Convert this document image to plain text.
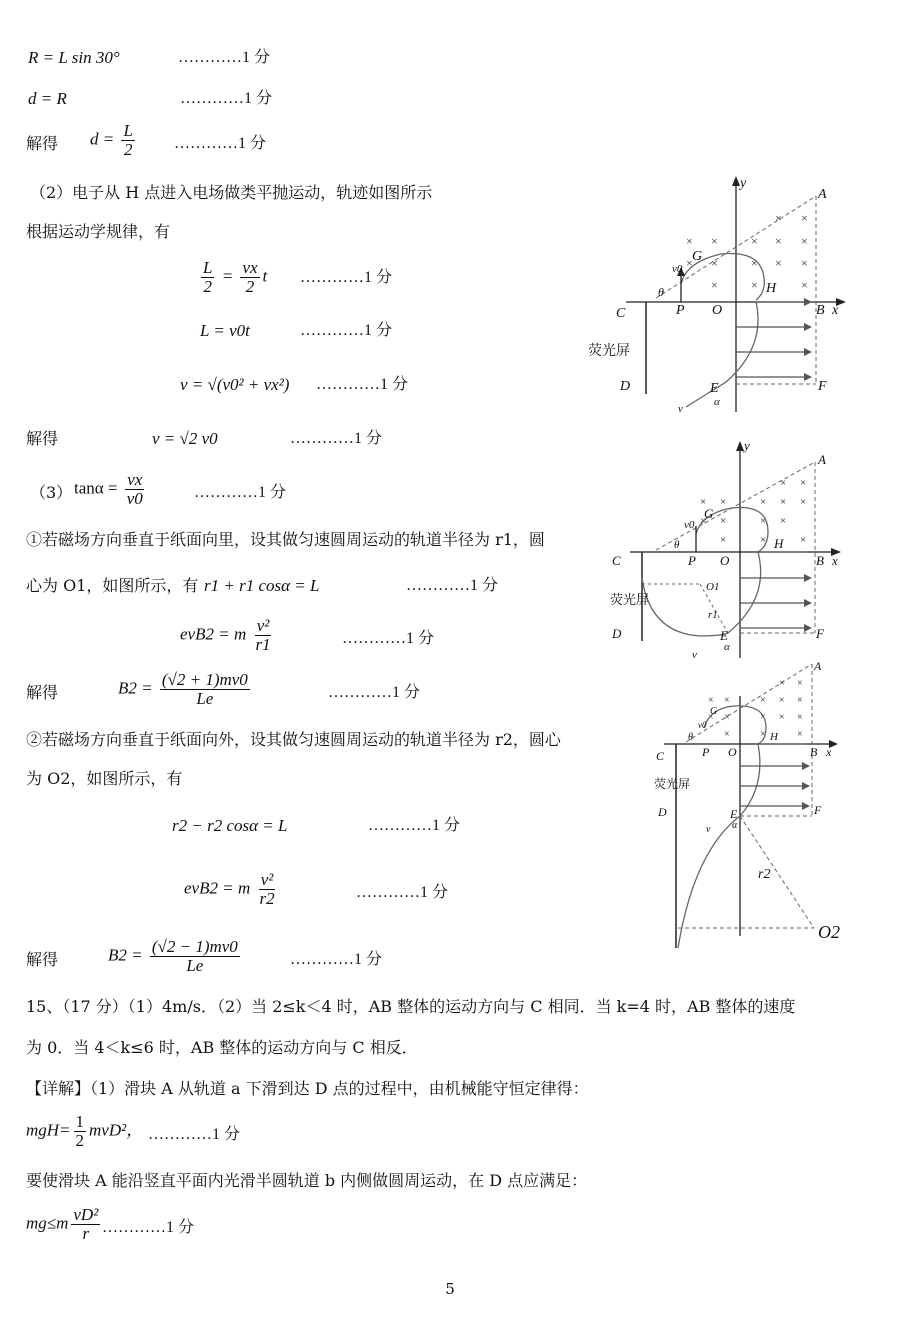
R = L sin 30°	…………1 分
d = R	…………1 分
解得 $d = \frac{L}{2}$ …………1 分
（2）电子从 H 点进入电场做类平抛运动，轨迹如图所示
根据运动学规律，有
$\frac{L}{2} = \frac{vx}{2}$ t …………1 分
L = v0t	…………1 分
v = √(v0² + vx²) …………1 分
解得	v = √2 v0	…………1 分
（3） $\tan\alpha = \frac{vx}{v0}$	…………1 分
①若磁场方向垂直于纸面向里，设其做匀速圆周运动的轨道半径为 r1，圆
心为 O1，如图所示，有 r1 + r1 cosα = L	…………1 分
evB2 = m $\frac{\text{v²}}{r1}$	…………1 分
解得	$B2 = \frac{(√2 + 1)mv0}{Le}$	…………1 分
②若磁场方向垂直于纸面向外，设其做匀速圆周运动的轨道半径为 r2，圆心
为 O2，如图所示，有
r2 − r2 cosα = L	…………1 分
evB2 = m $\frac{\text{v²}}{r2}$	…………1 分
解得	$B2 = \frac{(√2 - 1)mv0}{Le}$	…………1 分
15、（17 分）（1）4m/s．（2）当 2≤k＜4 时，AB 整体的运动方向与 C 相同．当 k=4 时，AB 整体的速度
为 0．当 4＜k≤6 时，AB 整体的运动方向与 C 相反．
【详解】（1）滑块 A 从轨道 a 下滑到达 D 点的过程中，由机械能守恒定律得：
$mgH= \frac{1}{2} mvD^2$， …………1 分
要使滑块 A 能沿竖直平面内光滑半圆轨道 b 内侧做圆周运动，在 D 点应满足：
$mg\le m \frac{\text{vD²}}{r}$ …………1 分
× ×
× ×	× × ×
× ×	× × ×
×	×	×
y
A
B x
C
D	E	F
G
H
O
P
v0
θ
α
v
荧光屏
× ×
× ×	× × ×
× ×	× ×
×	×	×
y
A
B x
C
D	E	F
G
H
O
P
v0
θ
O1
r1
α
v
荧光屏
× ×
× ×	× × ×
× ×	× × ×
×	×	×
A
B x
C
D	E	F
G
H
O
P
θ
v0
α
v
r2
O2
荧光屏
5
